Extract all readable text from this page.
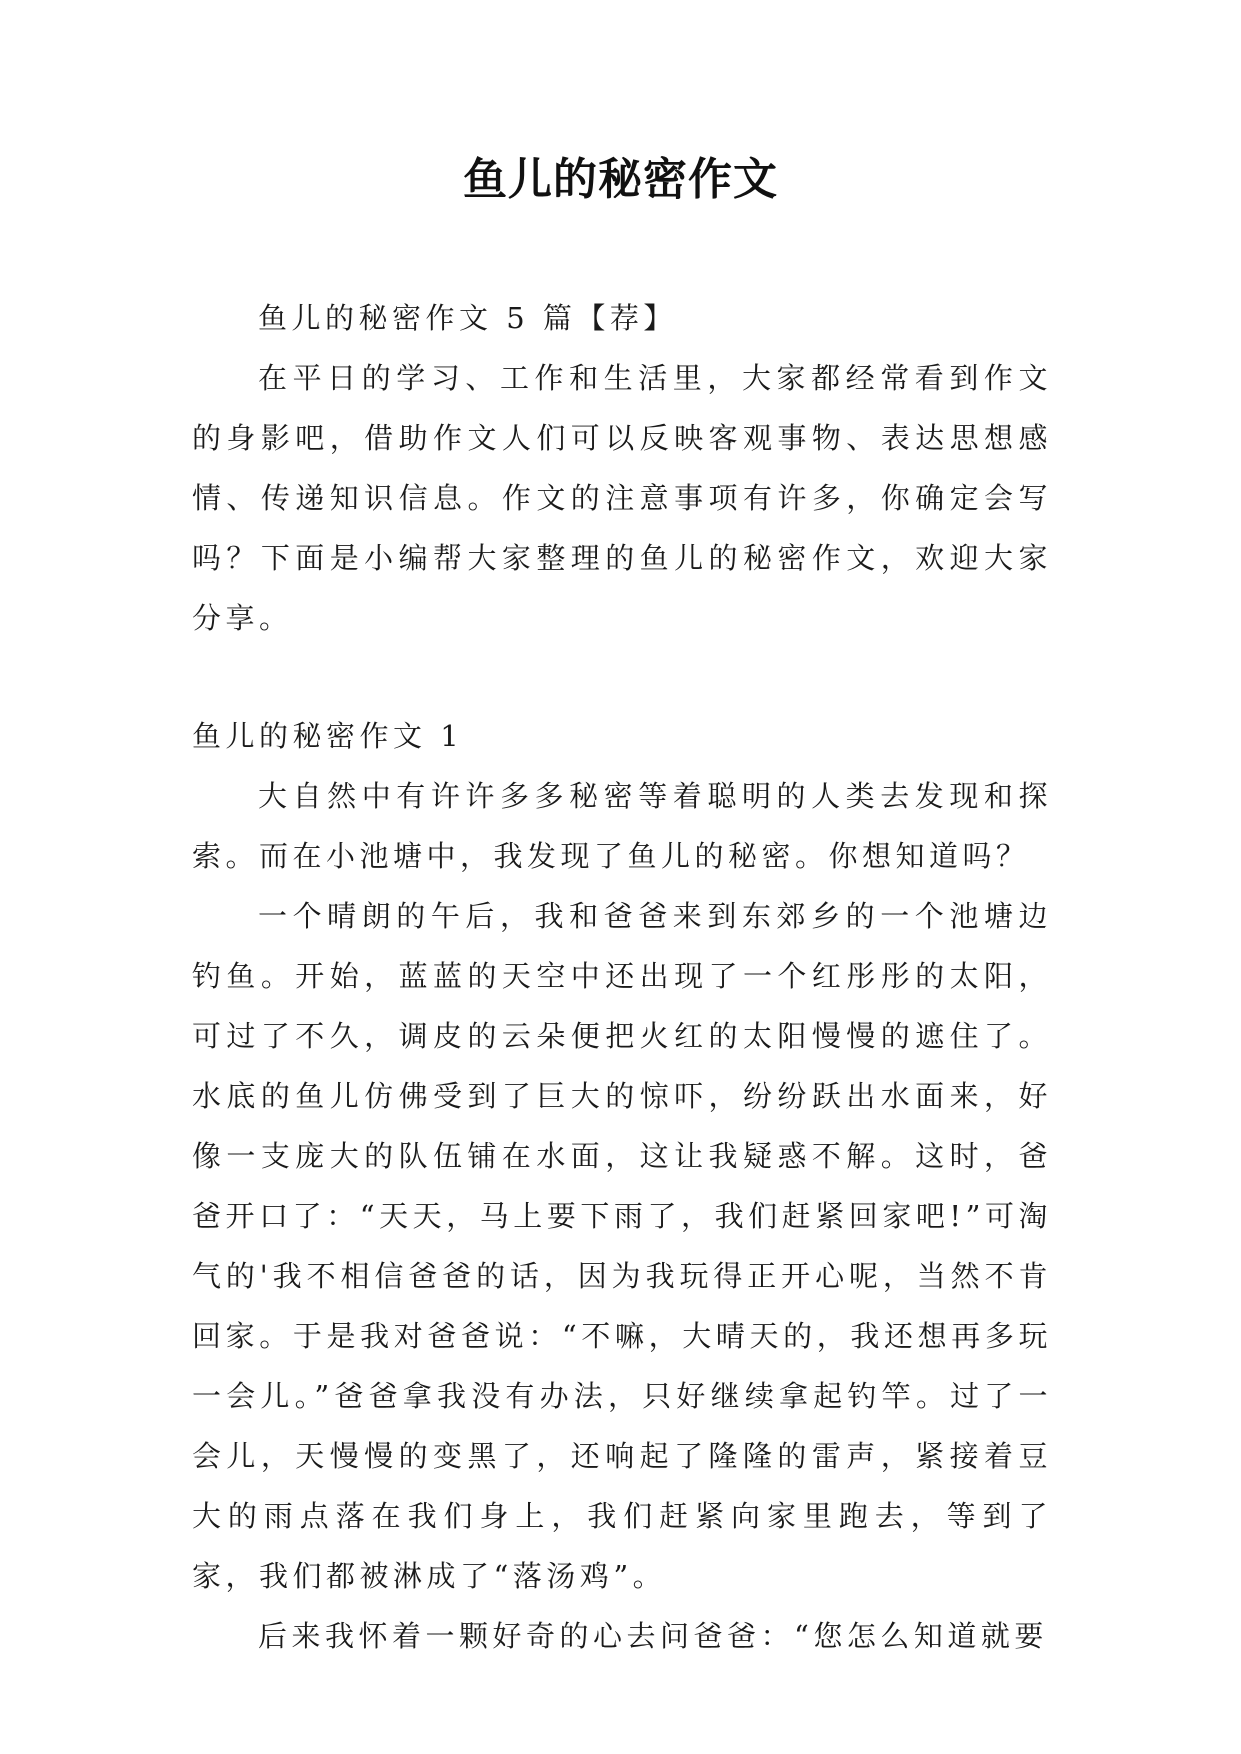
鱼儿的秘密作文

鱼儿的秘密作文 5 篇【荐】

在平日的学习、工作和生活里，大家都经常看到作文的身影吧，借助作文人们可以反映客观事物、表达思想感情、传递知识信息。作文的注意事项有许多，你确定会写吗？下面是小编帮大家整理的鱼儿的秘密作文，欢迎大家分享。

鱼儿的秘密作文 1

大自然中有许许多多秘密等着聪明的人类去发现和探索。而在小池塘中，我发现了鱼儿的秘密。你想知道吗？

一个晴朗的午后，我和爸爸来到东郊乡的一个池塘边钓鱼。开始，蓝蓝的天空中还出现了一个红彤彤的太阳，可过了不久，调皮的云朵便把火红的太阳慢慢的遮住了。水底的鱼儿仿佛受到了巨大的惊吓，纷纷跃出水面来，好像一支庞大的队伍铺在水面，这让我疑惑不解。这时，爸爸开口了：“天天，马上要下雨了，我们赶紧回家吧!”可淘气的'我不相信爸爸的话，因为我玩得正开心呢，当然不肯回家。于是我对爸爸说：“不嘛，大晴天的，我还想再多玩一会儿。”爸爸拿我没有办法，只好继续拿起钓竿。过了一会儿，天慢慢的变黑了，还响起了隆隆的雷声，紧接着豆大的雨点落在我们身上，我们赶紧向家里跑去，等到了家，我们都被淋成了“落汤鸡”。

后来我怀着一颗好奇的心去问爸爸：“您怎么知道就要
